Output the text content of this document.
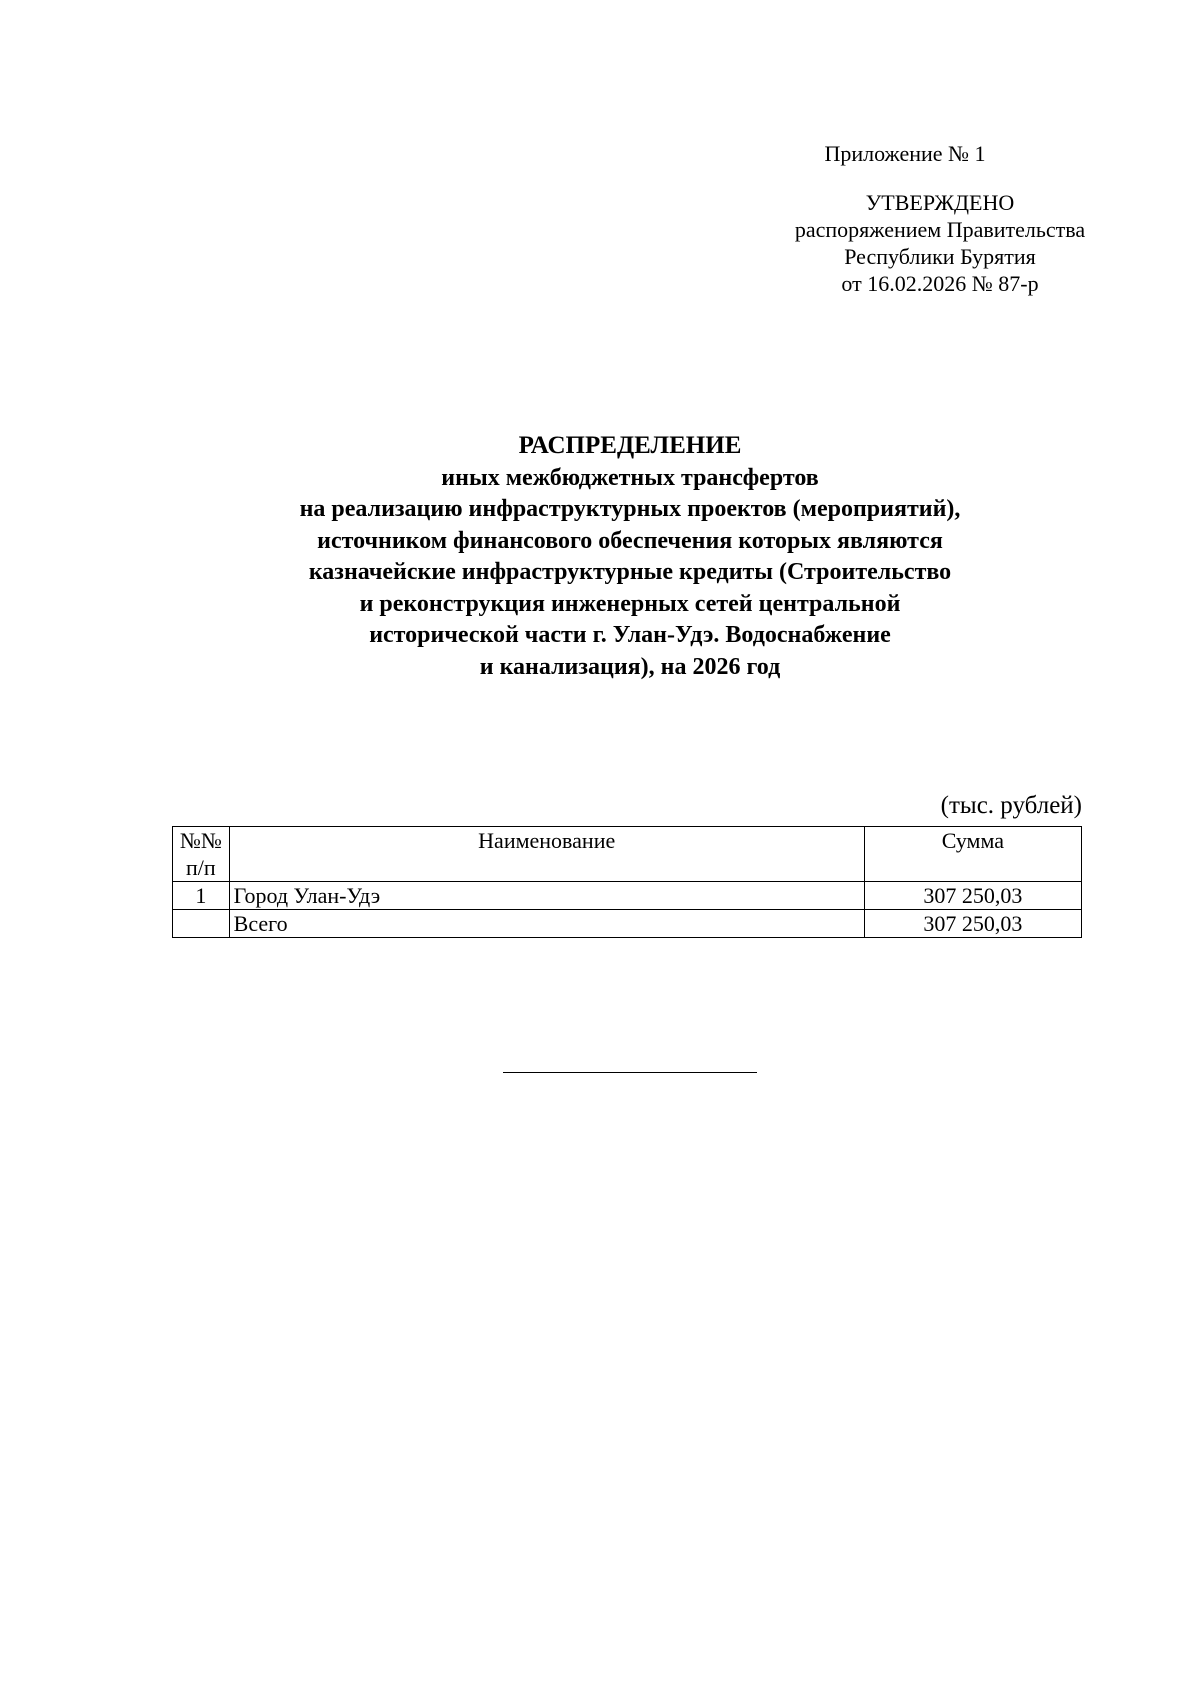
Приложение № 1
УТВЕРЖДЕНО
распоряжением Правительства
Республики Бурятия
от 16.02.2026 № 87-р
РАСПРЕДЕЛЕНИЕ
иных межбюджетных трансфертов
на реализацию инфраструктурных проектов (мероприятий),
источником финансового обеспечения которых являются
казначейские инфраструктурные кредиты (Строительство
и реконструкция инженерных сетей центральной
исторической части г. Улан-Удэ. Водоснабжение
и канализация), на 2026 год
(тыс. рублей)
№№
п/п	Наименование	Сумма
1	Город Улан-Удэ	307 250,03
	Всего	307 250,03
